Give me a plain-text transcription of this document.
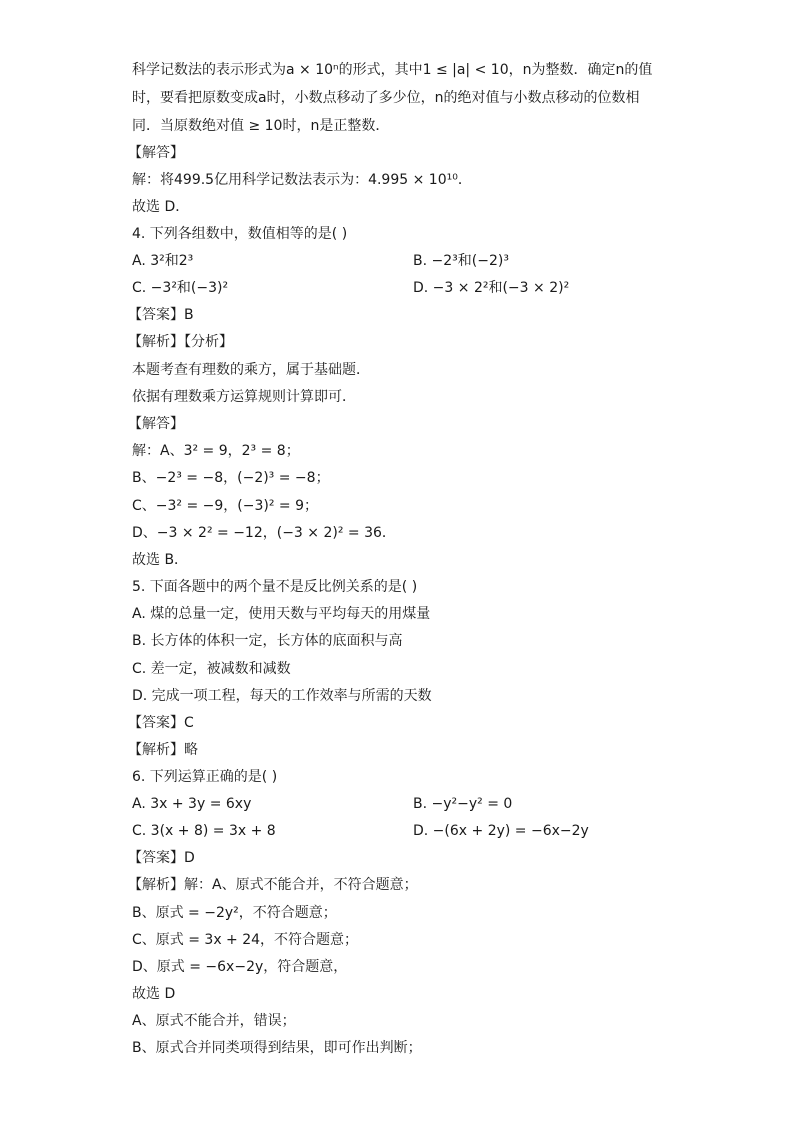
科学记数法的表示形式为a × 10ⁿ的形式，其中1 ≤ |a| < 10，n为整数．确定n的值
时，要看把原数变成a时，小数点移动了多少位，n的绝对值与小数点移动的位数相
同．当原数绝对值 ≥ 10时，n是正整数．
【解答】
解：将499.5亿用科学记数法表示为：4.995 × 10¹⁰．
故选 D．
4. 下列各组数中，数值相等的是( )
A. 3²和2³	B. −2³和(−2)³
C. −3²和(−3)²	D. −3 × 2²和(−3 × 2)²
【答案】B
【解析】【分析】
本题考查有理数的乘方，属于基础题．
依据有理数乘方运算规则计算即可．
【解答】
解：A、3² = 9，2³ = 8；
B、−2³ = −8，(−2)³ = −8；
C、−3² = −9，(−3)² = 9；
D、−3 × 2² = −12，(−3 × 2)² = 36．
故选 B．
5. 下面各题中的两个量不是反比例关系的是( )
A. 煤的总量一定，使用天数与平均每天的用煤量
B. 长方体的体积一定，长方体的底面积与高
C. 差一定，被减数和减数
D. 完成一项工程，每天的工作效率与所需的天数
【答案】C
【解析】略
6. 下列运算正确的是( )
A. 3x + 3y = 6xy	B. −y²−y² = 0
C. 3(x + 8) = 3x + 8	D. −(6x + 2y) = −6x−2y
【答案】D
【解析】解：A、原式不能合并，不符合题意；
B、原式 = −2y²，不符合题意；
C、原式 = 3x + 24，不符合题意；
D、原式 = −6x−2y，符合题意，
故选 D
A、原式不能合并，错误；
B、原式合并同类项得到结果，即可作出判断；
